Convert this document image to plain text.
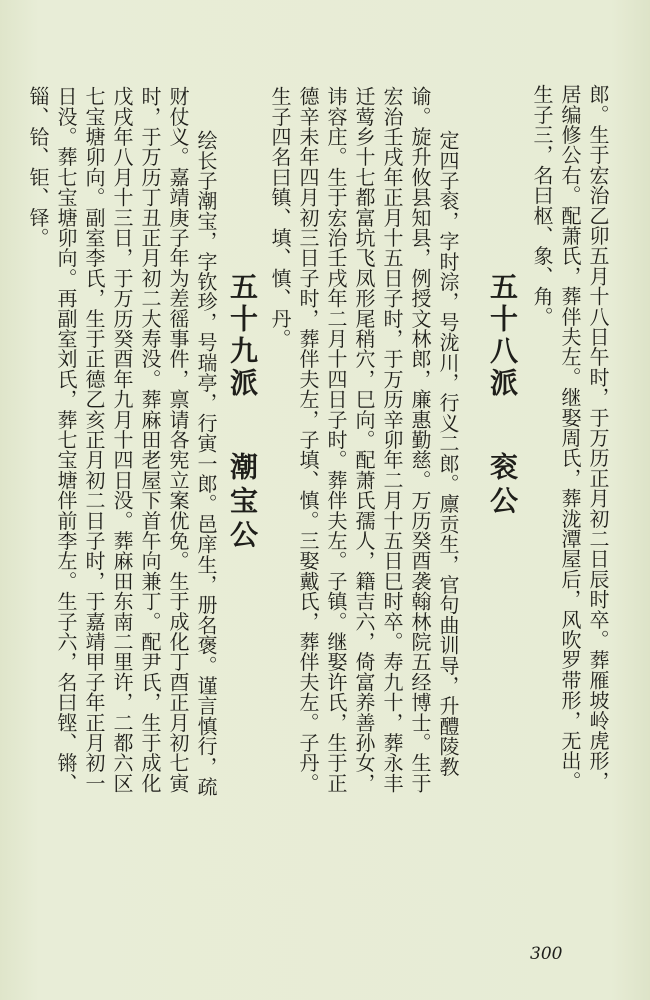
郎。生于宏治乙卯五月十八日午时，于万历正月初二日辰时卒。葬雁坡岭虎形，
居编修公右。配萧氏，葬伴夫左。继娶周氏，葬泷潭屋后，风吹罗带形，无出。
生子三，名曰枢、象、角。
五十八派
衮公
定四子衮，字时淙，号泷川，行义二郎。廪贡生，官句曲训导，升醴陵教
谕。旋升攸县知县，例授文林郎，廉惠勤慈。万历癸酉袭翰林院五经博士。生于
宏治壬戌年正月十五日子时，于万历辛卯年二月十五日巳时卒。寿九十，葬永丰
迁莺乡十七都富坑飞凤形尾稍穴，巳向。配萧氏孺人，籍吉六，倚富养善孙女，
讳容庄。生于宏治壬戌年二月十四日子时。葬伴夫左。子镇。继娶许氏，生于正
德辛未年四月初三日子时，葬伴夫左，子填、慎。三娶戴氏，葬伴夫左。子丹。
生子四名曰镇、填、慎、丹。
五十九派
潮宝公
绘长子潮宝，字钦珍，号瑞亭，行寅一郎。邑庠生，册名褒。谨言慎行，疏
财仗义。嘉靖庚子年为差徭事件，禀请各宪立案优免。生于成化丁酉正月初七寅
时，于万历丁丑正月初二大寿没。葬麻田老屋下首午向兼丁。配尹氏，生于成化
戊戌年八月十三日，于万历癸酉年九月十四日没。葬麻田东南二里许，二都六区
七宝塘卯向。副室李氏，生于正德乙亥正月初二日子时，于嘉靖甲子年正月初一
日没。葬七宝塘卯向。再副室刘氏，葬七宝塘伴前李左。生子六，名曰铿、锵、
锱、铪、钜、铎。
300
